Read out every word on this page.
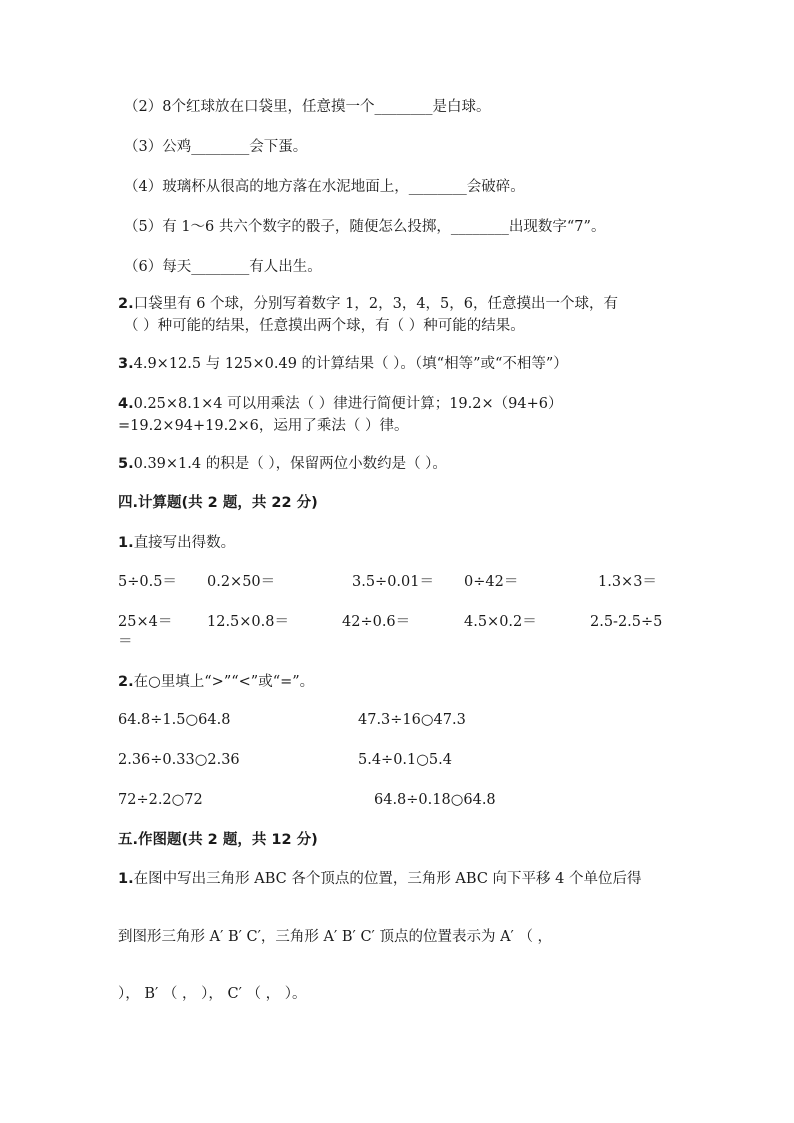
（2）8个红球放在口袋里，任意摸一个________是白球。
（3）公鸡________会下蛋。
（4）玻璃杯从很高的地方落在水泥地面上，________会破碎。
（5）有 1～6 共六个数字的骰子，随便怎么投掷，________出现数字“7”。
（6）每天________有人出生。
2.口袋里有 6 个球，分别写着数字 1，2，3，4，5，6，任意摸出一个球，有
（ ）种可能的结果，任意摸出两个球，有（ ）种可能的结果。
3.4.9×12.5 与 125×0.49 的计算结果（ ）。（填“相等”或“不相等”）
4.0.25×8.1×4 可以用乘法（ ）律进行简便计算；19.2×（94+6）
=19.2×94+19.2×6，运用了乘法（ ）律。
5.0.39×1.4 的积是（ ），保留两位小数约是（ ）。
四.计算题(共 2 题，共 22 分)
1.直接写出得数。
5÷0.5＝ 0.2×50＝	3.5÷0.01＝ 0÷42＝	1.3×3＝
25×4＝ 12.5×0.8＝	42÷0.6＝	4.5×0.2＝	2.5-2.5÷5
＝
2.在○里填上“>”“<”或“=”。
64.8÷1.5○64.8	47.3÷16○47.3
2.36÷0.33○2.36	5.4÷0.1○5.4
72÷2.2○72	64.8÷0.18○64.8
五.作图题(共 2 题，共 12 分)
1.在图中写出三角形 ABC 各个顶点的位置，三角形 ABC 向下平移 4 个单位后得
到图形三角形 A′ B′ C′，三角形 A′ B′ C′ 顶点的位置表示为 A′ （ ，
）， B′ （ ， ）， C′ （ ， ）。
